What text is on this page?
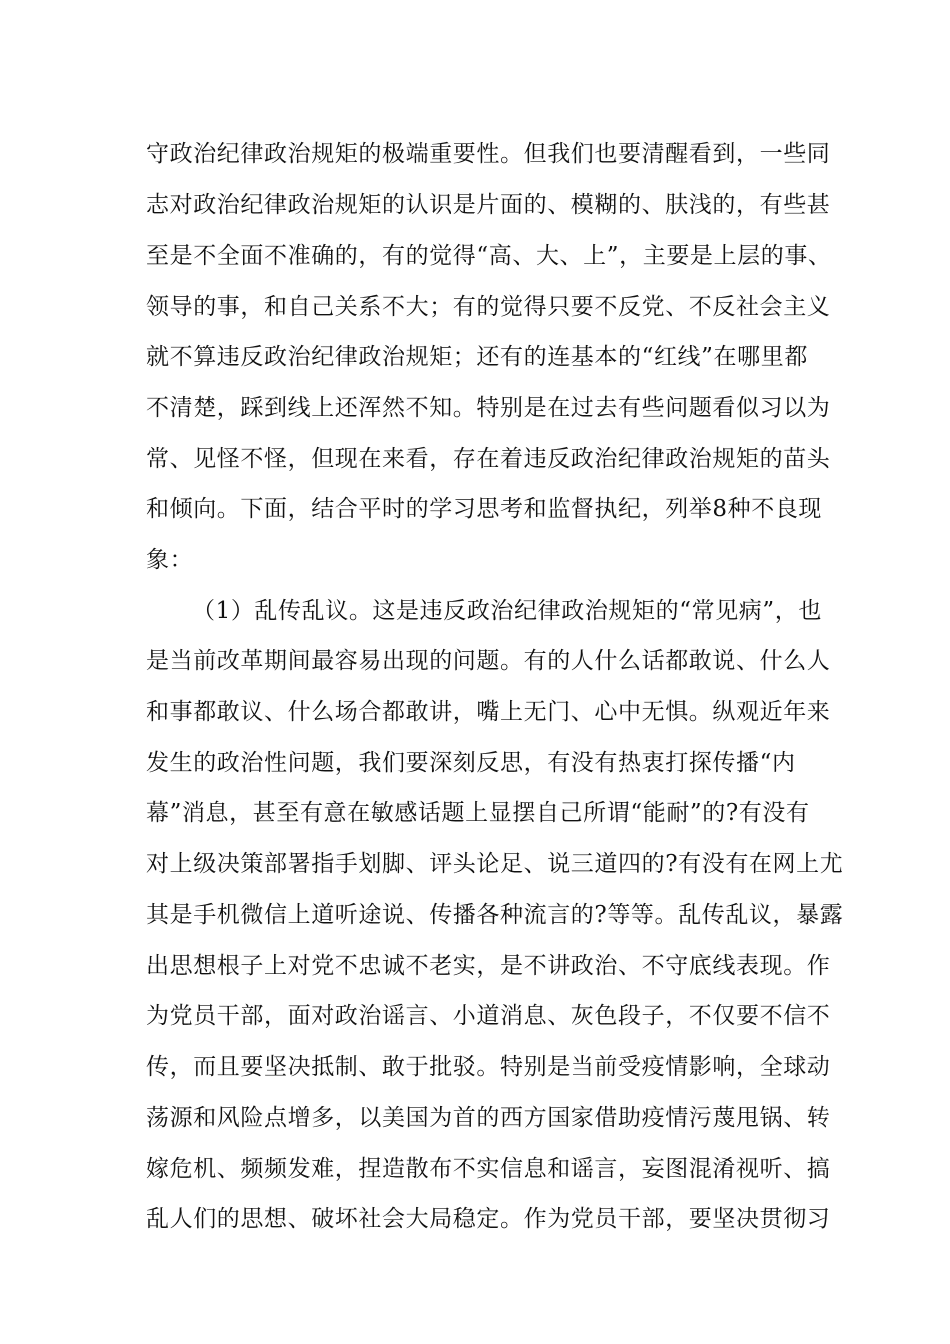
守政治纪律政治规矩的极端重要性。但我们也要清醒看到，一些同
志对政治纪律政治规矩的认识是片面的、模糊的、肤浅的，有些甚
至是不全面不准确的，有的觉得“高、大、上”，主要是上层的事、
领导的事，和自己关系不大；有的觉得只要不反党、不反社会主义
就不算违反政治纪律政治规矩；还有的连基本的“红线”在哪里都
不清楚，踩到线上还浑然不知。特别是在过去有些问题看似习以为
常、见怪不怪，但现在来看，存在着违反政治纪律政治规矩的苗头
和倾向。下面，结合平时的学习思考和监督执纪，列举8种不良现
象：
（1）乱传乱议。这是违反政治纪律政治规矩的“常见病”，也
是当前改革期间最容易出现的问题。有的人什么话都敢说、什么人
和事都敢议、什么场合都敢讲，嘴上无门、心中无惧。纵观近年来
发生的政治性问题，我们要深刻反思，有没有热衷打探传播“内
幕”消息，甚至有意在敏感话题上显摆自己所谓“能耐”的?有没有
对上级决策部署指手划脚、评头论足、说三道四的?有没有在网上尤
其是手机微信上道听途说、传播各种流言的?等等。乱传乱议，暴露
出思想根子上对党不忠诚不老实，是不讲政治、不守底线表现。作
为党员干部，面对政治谣言、小道消息、灰色段子，不仅要不信不
传，而且要坚决抵制、敢于批驳。特别是当前受疫情影响，全球动
荡源和风险点增多，以美国为首的西方国家借助疫情污蔑甩锅、转
嫁危机、频频发难，捏造散布不实信息和谣言，妄图混淆视听、搞
乱人们的思想、破坏社会大局稳定。作为党员干部，要坚决贯彻习
